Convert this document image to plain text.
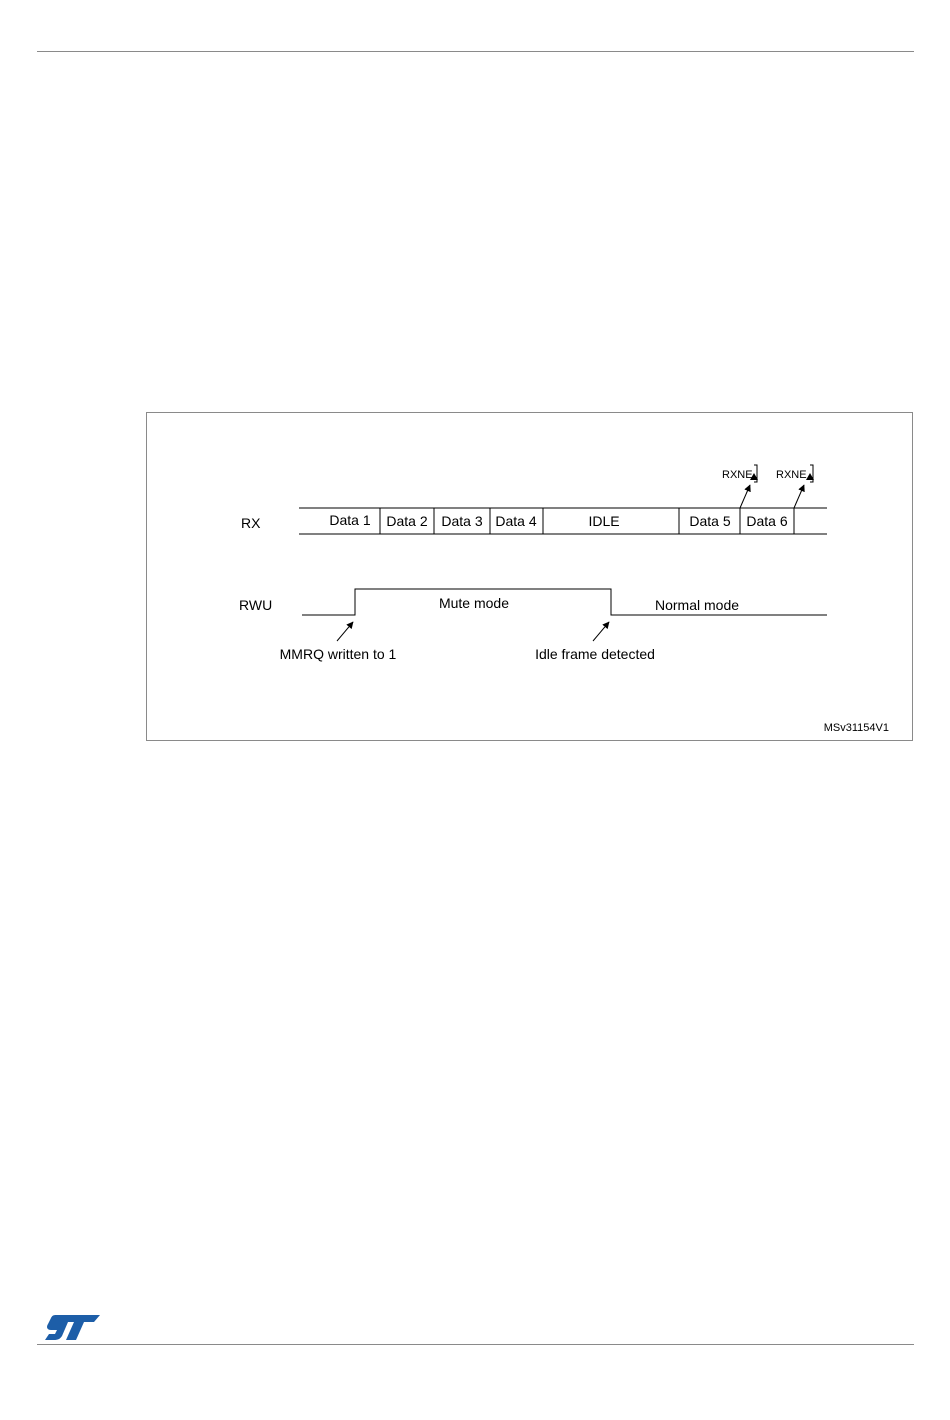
RX
RWU
Data 1 Data 2 Data 3 Data 4	IDLE	Data 5 Data 6
RXNE RXNE
Mute mode	Normal mode
MMRQ written to 1	Idle frame detected
MSv31154V1
